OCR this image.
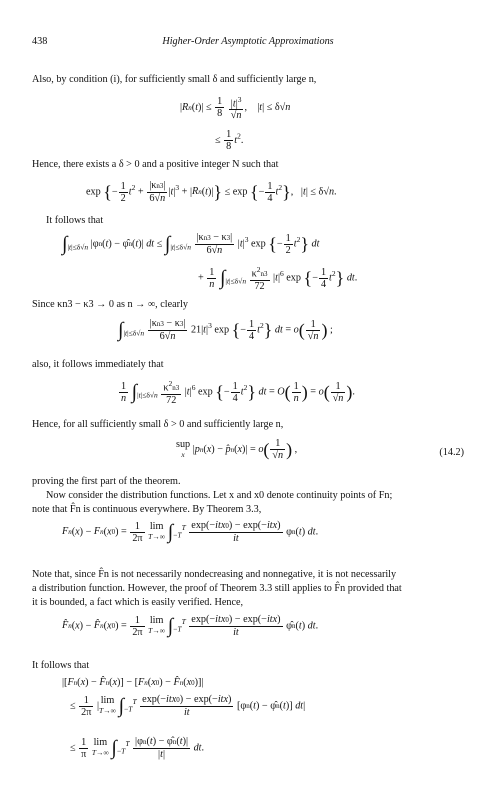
438	Higher-Order Asymptotic Approximations
Also, by condition (i), for sufficiently small δ and sufficiently large n,
$|Rn(t)| \le \frac{1}{8}$
$\frac{|t|^3}{√n}$ ,    |t| ≤ δ√n
≤ $\frac{1}{8} t^2$.
Hence, there exists a δ > 0 and a positive integer N such that
exp {− $\frac{1}{2} t^2 + \frac{|\kappa n3|}{6√n} |t|^3 + |Rn(t)|\} \le \exp$ {− $\frac{1}{4} t^2$},   |t| ≤ δ√n.
It follows that
$\int_{|t|\le\delta√n}$ |φn(t) − φ̂n(t)| dt ≤ $\int_{|t|\le\delta√n} \frac{|\kappa n3 - \kappa 3|}{6√n} |t|^3$ exp {− $\frac{1}{2} t^2$} dt
+ $\frac{1}{n} \int_{|t|\le\delta√n} \frac{\kappa^2n3}{72} |t|^6$ exp {− $\frac{1}{4} t^2$} dt.
Since κn3 − κ3 → 0 as n → ∞, clearly
$\int_{|t|\le\delta√n} \frac{|\kappa n3 - \kappa 3|}{6√n} 21|t|^3$ exp {− $\frac{1}{4} t^2$} dt = $o( \frac{1}{√n}$ ) ;
also, it follows immediately that
$\frac{1}{n} \int_{|t|\le\delta√n} \frac{\kappa^2n3}{72} |t|^6$ exp {− $\frac{1}{4} t^2$} dt = $O( \frac{1}{n}$ ) = $o( \frac{1}{√n}$ ).
Hence, for all sufficiently small δ > 0 and sufficiently large n,
sup
x |pn(x) − p̂n(x)| = $o( \frac{1}{√n}$ ) ,	(14.2)
proving the first part of the theorem.
Now consider the distribution functions. Let x and x0 denote continuity points of Fn;
note that F̂n is continuous everywhere. By Theorem 3.3,
$Fn(x) - Fn(x0) = \frac{1}{2\pi}$ lim
T→∞ $\int_{-T}^T \frac{\text{exp(−itx0) − exp(−itx)}}{it} \varphi n(t)$ dt.
Note that, since F̂n is not necessarily nondecreasing and nonnegative, it is not necessarily
a distribution function. However, the proof of Theorem 3.3 still applies to F̂n provided that
it is bounded, a fact which is easily verified. Hence,
F̂n(x) − F̂n(x0) = $\frac{1}{2\pi}$ lim
T→∞ $\int_{-T}^T \frac{\text{exp(−itx0) − exp(−itx)}}{it}$ φ̂n(t) dt.
It follows that
|[Fn(x) − F̂n(x)] − [Fn(x0) − F̂n(x0)]|
≤ $\frac{1}{2\pi}$ | lim
T→∞ $\int_{-T}^T \frac{\text{exp(−itx0) − exp(−itx)}}{it} [\varphi n(t)$ − φ̂n(t)] dt|
≤ $\frac{1}{\pi}$ lim
T→∞ $\int_{-T}^T \frac{|\varphi n(t) - \varphîn(t)|}{|t|}$ dt.
